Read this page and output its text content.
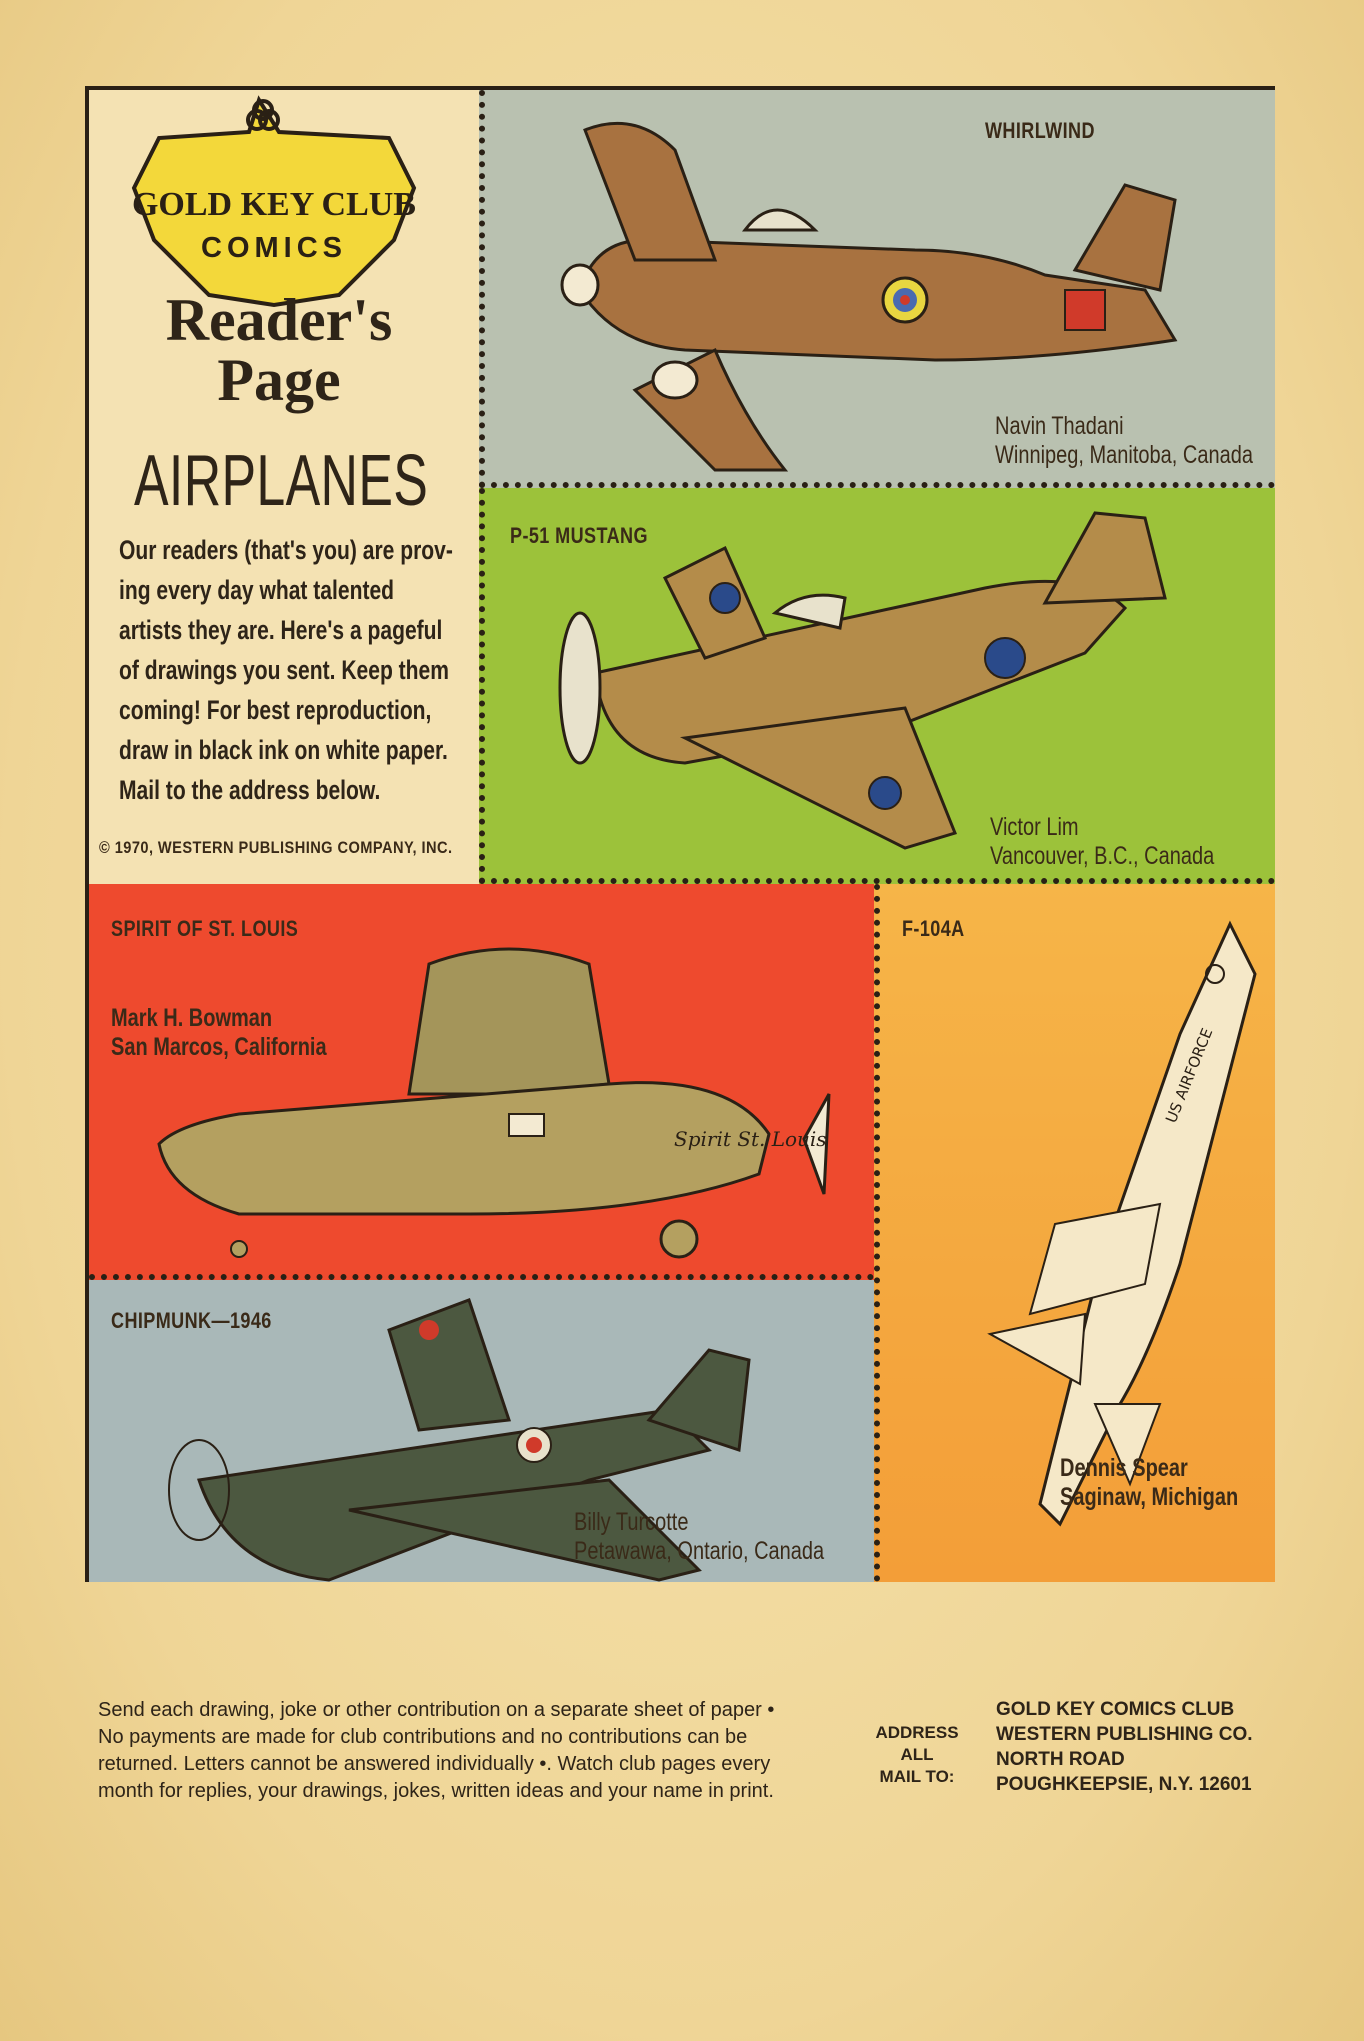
GOLD KEY CLUB
COMICS
Reader's
Page
AIRPLANES
Our readers (that's you) are prov-
ing every day what talented
artists they are. Here's a pageful
of drawings you sent. Keep them
coming! For best reproduction,
draw in black ink on white paper.
Mail to the address below.
© 1970, WESTERN PUBLISHING COMPANY, INC.
WHIRLWIND
Navin Thadani
Winnipeg, Manitoba, Canada
P-51 MUSTANG
Victor Lim
Vancouver, B.C., Canada
Spirit St. Louis
SPIRIT OF ST. LOUIS
Mark H. Bowman
San Marcos, California
CHIPMUNK—1946
Billy Turcotte
Petawawa, Ontario, Canada
US AIRFORCE
F-104A
Dennis Spear
Saginaw, Michigan
Send each drawing, joke or other contribution on a separate sheet of paper •
No payments are made for club contributions and no contributions can be
returned. Letters cannot be answered individually •. Watch club pages every
month for replies, your drawings, jokes, written ideas and your name in print.
ADDRESS
ALL
MAIL TO:
GOLD KEY COMICS CLUB
WESTERN PUBLISHING CO.
NORTH ROAD
POUGHKEEPSIE, N.Y. 12601
